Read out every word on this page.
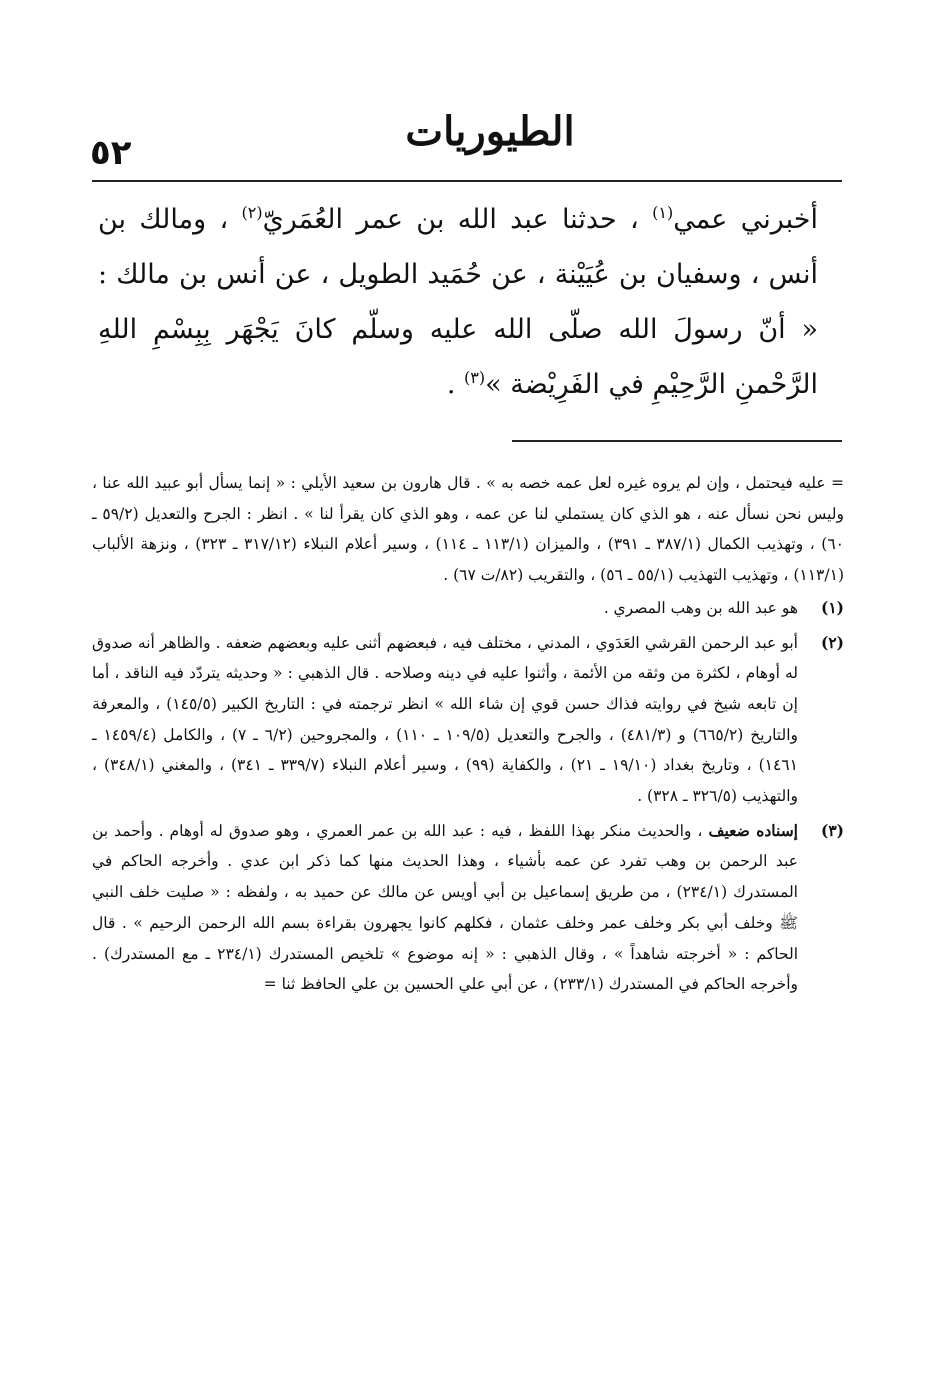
٥٢	الطيوريات

أخبرني عمي$^{(١)}$ ، حدثنا عبد الله بن عمر العُمَريّ$^{(٢)}$ ، ومالك بن أنس ، وسفيان بن عُيَيْنة ، عن حُمَيد الطويل ، عن أنس بن مالك : « أنّ رسولَ الله صلّى الله عليه وسلّم كانَ يَجْهَر بِبِسْمِ اللهِ الرَّحْمنِ الرَّحِيْمِ في الفَرِيْضة »$^{(٣)}$ .

= عليه فيحتمل ، وإن لم يروه غيره لعل عمه خصه به » . قال هارون بن سعيد الأيلي : « إنما يسأل أبو عبيد الله عنا ، وليس نحن نسأل عنه ، هو الذي كان يستملي لنا عن عمه ، وهو الذي كان يقرأ لنا » . انظر : الجرح والتعديل (٥٩/٢ ـ ٦٠) ، وتهذيب الكمال (٣٨٧/١ ـ ٣٩١) ، والميزان (١١٣/١ ـ ١١٤) ، وسير أعلام النبلاء (٣١٧/١٢ ـ ٣٢٣) ، ونزهة الألباب (١١٣/١) ، وتهذيب التهذيب (٥٥/١ ـ ٥٦) ، والتقريب (٨٢/ت ٦٧) .

(١)
هو عبد الله بن وهب المصري .
(٢)
أبو عبد الرحمن القرشي العَدَوي ، المدني ، مختلف فيه ، فبعضهم أثنى عليه وبعضهم ضعفه . والظاهر أنه صدوق له أوهام ، لكثرة من وثقه من الأئمة ، وأثنوا عليه في دينه وصلاحه . قال الذهبي : « وحديثه يتردّد فيه الناقد ، أما إن تابعه شيخ في روايته فذاك حسن قوي إن شاء الله » انظر ترجمته في : التاريخ الكبير (١٤٥/٥) ، والمعرفة والتاريخ (٦٦٥/٢) و (٤٨١/٣) ، والجرح والتعديل (١٠٩/٥ ـ ١١٠) ، والمجروحين (٦/٢ ـ ٧) ، والكامل (١٤٥٩/٤ ـ ١٤٦١) ، وتاريخ بغداد (١٩/١٠ ـ ٢١) ، والكفاية (٩٩) ، وسير أعلام النبلاء (٣٣٩/٧ ـ ٣٤١) ، والمغني (٣٤٨/١) ، والتهذيب (٣٢٦/٥ ـ ٣٢٨) .
(٣)
إسناده ضعيف ، والحديث منكر بهذا اللفظ ، فيه : عبد الله بن عمر العمري ، وهو صدوق له أوهام . وأحمد بن عبد الرحمن بن وهب تفرد عن عمه بأشياء ، وهذا الحديث منها كما ذكر ابن عدي . وأخرجه الحاكم في المستدرك (٢٣٤/١) ، من طريق إسماعيل بن أبي أويس عن مالك عن حميد به ، ولفظه : « صليت خلف النبي ﷺ وخلف أبي بكر وخلف عمر وخلف عثمان ، فكلهم كانوا يجهرون بقراءة بسم الله الرحمن الرحيم » . قال الحاكم : « أخرجته شاهداً » ، وقال الذهبي : « إنه موضوع » تلخيص المستدرك (٢٣٤/١ ـ مع المستدرك) . وأخرجه الحاكم في المستدرك (٢٣٣/١) ، عن أبي علي الحسين بن علي الحافظ ثنا =
